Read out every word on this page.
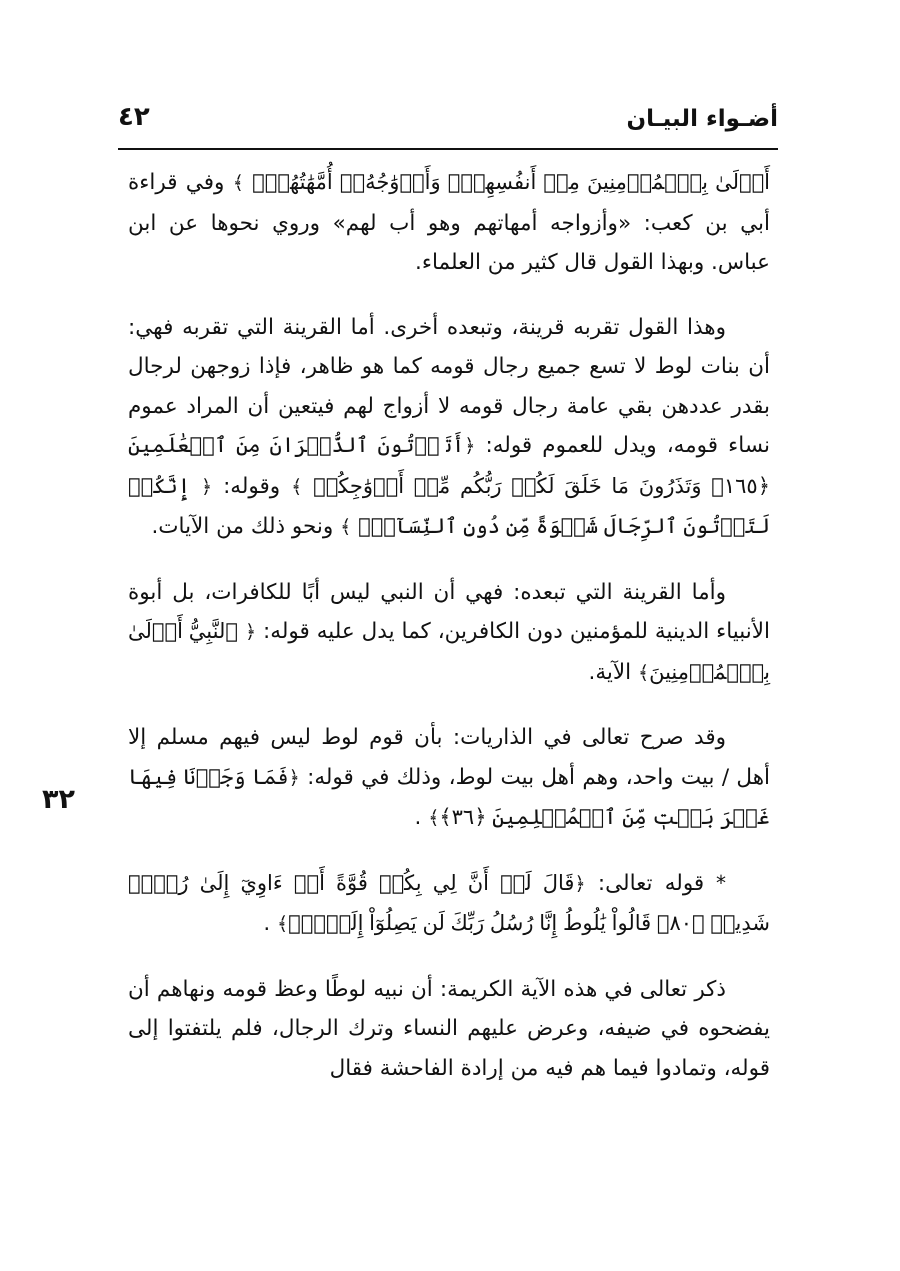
أضـواء البيـان
٤٢
٣٢

أَوۡلَىٰ بِٱلۡمُؤۡمِنِينَ مِنۡ أَنفُسِهِمۡۖ وَأَزۡوَٰجُهُۥٓ أُمَّهَٰتُهُمۡۗ ﴾ وفي قراءة أبي بن كعب: «وأزواجه أمهاتهم وهو أب لهم» وروي نحوها عن ابن عباس. وبهذا القول قال كثير من العلماء.

وهذا القول تقربه قرينة، وتبعده أخرى. أما القرينة التي تقربه فهي: أن بنات لوط لا تسع جميع رجال قومه كما هو ظاهر، فإذا زوجهن لرجال بقدر عددهن بقي عامة رجال قومه لا أزواج لهم فيتعين أن المراد عموم نساء قومه، ويدل للعموم قوله: ﴿أَتَأۡتُونَ ٱلذُّكۡرَانَ مِنَ ٱلۡعَٰلَمِينَ ﴿١٦٥﴾ وَتَذَرُونَ مَا خَلَقَ لَكُمۡ رَبُّكُم مِّنۡ أَزۡوَٰجِكُمۚ ﴾ وقوله: ﴿ إِنَّكُمۡ لَتَأۡتُونَ ٱلرِّجَالَ شَهۡوَةً مِّن دُونِ ٱلنِّسَآءِۚ ﴾ ونحو ذلك من الآيات.

وأما القرينة التي تبعده: فهي أن النبي ليس أبًا للكافرات، بل أبوة الأنبياء الدينية للمؤمنين دون الكافرين، كما يدل عليه قوله: ﴿ ٱلنَّبِيُّ أَوۡلَىٰ بِٱلۡمُؤۡمِنِينَ﴾ الآية.

وقد صرح تعالى في الذاريات: بأن قوم لوط ليس فيهم مسلم إلا أهل / بيت واحد، وهم أهل بيت لوط، وذلك في قوله: ﴿فَمَا وَجَدۡنَا فِيهَا غَيۡرَ بَيۡتٖ مِّنَ ٱلۡمُسۡلِمِينَ ﴿٣٦﴾﴾ .

* قوله تعالى: ﴿قَالَ لَوۡ أَنَّ لِي بِكُمۡ قُوَّةً أَوۡ ءَاوِيٓ إِلَىٰ رُكۡنٖ شَدِيدٖ ﴿٨٠﴾ قَالُواْ يَٰلُوطُ إِنَّا رُسُلُ رَبِّكَ لَن يَصِلُوٓاْ إِلَيۡكَۖ﴾ .

ذكر تعالى في هذه الآية الكريمة: أن نبيه لوطًا وعظ قومه ونهاهم أن يفضحوه في ضيفه، وعرض عليهم النساء وترك الرجال، فلم يلتفتوا إلى قوله، وتمادوا فيما هم فيه من إرادة الفاحشة فقال
